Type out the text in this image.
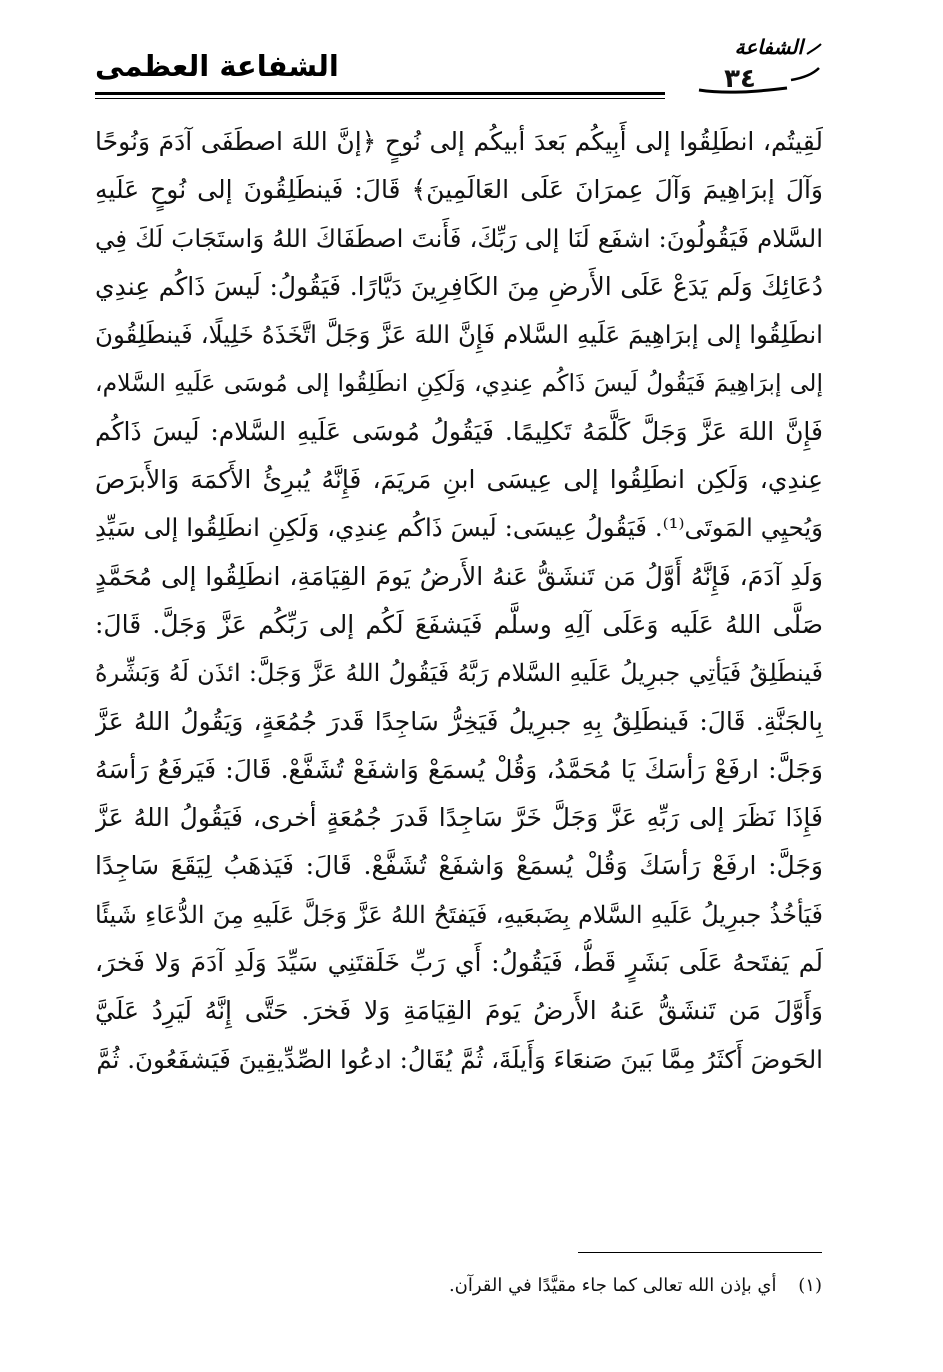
الشفاعة العظمى
الشفاعة
٣٤
لَقِيتُم، انطَلِقُوا إلى أَبِيكُم بَعدَ أبيكُم إلى نُوحٍ ﴿إنَّ اللهَ اصطَفَى آدَمَ وَنُوحًا
وَآلَ إبرَاهِيمَ وَآلَ عِمرَانَ عَلَى العَالَمِينَ﴾ قَالَ: فَينطَلِقُونَ إلى نُوحٍ عَلَيهِ
السَّلام فَيَقُولُونَ: اشفَع لَنَا إلى رَبِّكَ، فَأَنتَ اصطَفَاكَ اللهُ وَاستَجَابَ لَكَ فِي
دُعَائِكَ وَلَم يَدَعْ عَلَى الأَرضِ مِنَ الكَافِرِينَ دَيَّارًا. فَيَقُولُ: لَيسَ ذَاكُم عِندِي
انطَلِقُوا إلى إبرَاهِيمَ عَلَيهِ السَّلام فَإِنَّ اللهَ عَزَّ وَجَلَّ اتَّخَذَهُ خَلِيلًا، فَينطَلِقُونَ
إلى إبرَاهِيمَ فَيَقُولُ لَيسَ ذَاكُم عِندِي، وَلَكِنِ انطَلِقُوا إلى مُوسَى عَلَيهِ السَّلام،
فَإِنَّ اللهَ عَزَّ وَجَلَّ كَلَّمَهُ تَكلِيمًا. فَيَقُولُ مُوسَى عَلَيهِ السَّلام: لَيسَ ذَاكُم
عِندِي، وَلَكِن انطَلِقُوا إلى عِيسَى ابنِ مَريَمَ، فَإِنَّهُ يُبرِئُ الأَكمَهَ وَالأَبرَصَ
وَيُحيِي المَوتَى⁽¹⁾. فَيَقُولُ عِيسَى: لَيسَ ذَاكُم عِندِي، وَلَكِنِ انطَلِقُوا إلى سَيِّدِ
وَلَدِ آدَمَ، فَإِنَّهُ أَوَّلُ مَن تَنشَقُّ عَنهُ الأَرضُ يَومَ القِيَامَةِ، انطَلِقُوا إلى مُحَمَّدٍ
صَلَّى اللهُ عَلَيه وَعَلَى آلِهِ وسلَّم فَيَشفَعَ لَكُم إلى رَبِّكُم عَزَّ وَجَلَّ. قَالَ:
فَينطَلِقُ فَيَأتِي جبرِيلُ عَلَيهِ السَّلام رَبَّهُ فَيَقُولُ اللهُ عَزَّ وَجَلَّ: ائذَن لَهُ وَبَشِّرهُ
بِالجَنَّةِ. قَالَ: فَينطَلِقُ بِهِ جبرِيلُ فَيَخِرُّ سَاجِدًا قَدرَ جُمُعَةٍ، وَيَقُولُ اللهُ عَزَّ
وَجَلَّ: ارفَعْ رَأسَكَ يَا مُحَمَّدُ، وَقُلْ يُسمَعْ وَاشفَعْ تُشَفَّعْ. قَالَ: فَيَرفَعُ رَأسَهُ
فَإِذَا نَظَرَ إلى رَبِّهِ عَزَّ وَجَلَّ خَرَّ سَاجِدًا قَدرَ جُمُعَةٍ أخرى، فَيَقُولُ اللهُ عَزَّ
وَجَلَّ: ارفَعْ رَأسَكَ وَقُلْ يُسمَعْ وَاشفَعْ تُشَفَّعْ. قَالَ: فَيَذهَبُ لِيَقَعَ سَاجِدًا
فَيَأخُذُ جبرِيلُ عَلَيهِ السَّلام بِضَبعَيهِ، فَيَفتَحُ اللهُ عَزَّ وَجَلَّ عَلَيهِ مِنَ الدُّعَاءِ شَيئًا
لَم يَفتَحهُ عَلَى بَشَرٍ قَطُّ، فَيَقُولُ: أَي رَبِّ خَلَقتَنِي سَيِّدَ وَلَدِ آدَمَ وَلا فَخرَ،
وَأَوَّلَ مَن تَنشَقُّ عَنهُ الأَرضُ يَومَ القِيَامَةِ وَلا فَخرَ. حَتَّى إِنَّهُ لَيَرِدُ عَلَيَّ
الحَوضَ أَكثَرُ مِمَّا بَينَ صَنعَاءَ وَأَيلَةَ، ثُمَّ يُقَالُ: ادعُوا الصِّدِّيقِينَ فَيَشفَعُونَ. ثُمَّ
(١) أي بإذن الله تعالى كما جاء مقيَّدًا في القرآن.
